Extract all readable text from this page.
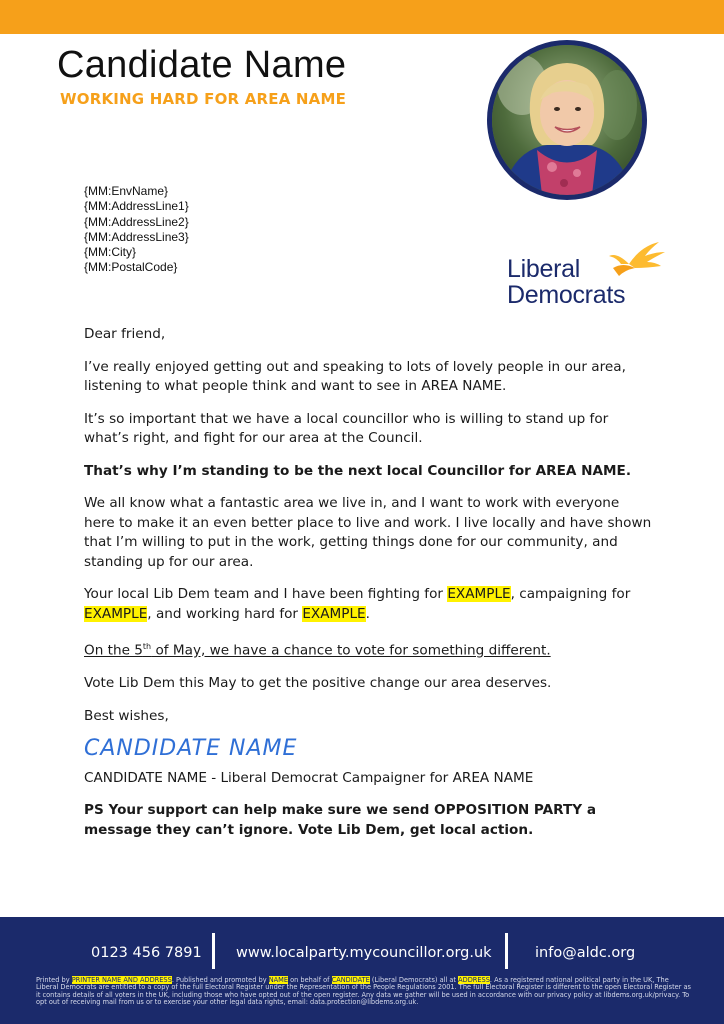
Candidate Name
WORKING HARD FOR AREA NAME
{MM:EnvName}
{MM:AddressLine1}
{MM:AddressLine2}
{MM:AddressLine3}
{MM:City}
{MM:PostalCode}	Liberal
Democrats

Dear friend,

I’ve really enjoyed getting out and speaking to lots of lovely people in our area, listening to what people think and want to see in AREA NAME.

It’s so important that we have a local councillor who is willing to stand up for what’s right, and fight for our area at the Council.

That’s why I’m standing to be the next local Councillor for AREA NAME.

We all know what a fantastic area we live in, and I want to work with everyone here to make it an even better place to live and work. I live locally and have shown that I’m willing to put in the work, getting things done for our community, and standing up for our area.

Your local Lib Dem team and I have been fighting for EXAMPLE, campaigning for EXAMPLE, and working hard for EXAMPLE.

On the 5th of May, we have a chance to vote for something different.

Vote Lib Dem this May to get the positive change our area deserves.

Best wishes,

CANDIDATE NAME

CANDIDATE NAME - Liberal Democrat Campaigner for AREA NAME

PS Your support can help make sure we send OPPOSITION PARTY a message they can’t ignore. Vote Lib Dem, get local action.

0123 456 7891 www.localparty.mycouncillor.org.uk	info@aldc.org
Printed by PRINTER NAME AND ADDRESS. Published and promoted by NAME on behalf of CANDIDATE (Liberal Democrats) all at ADDRESS. As a registered national political party in the UK, The Liberal Democrats are entitled to a copy of the full Electoral Register under the Representation of the People Regulations 2001. The full Electoral Register is different to the open Electoral Register as it contains details of all voters in the UK, including those who have opted out of the open register. Any data we gather will be used in accordance with our privacy policy at libdems.org.uk/privacy. To opt out of receiving mail from us or to exercise your other legal data rights, email: data.protection@libdems.org.uk.
